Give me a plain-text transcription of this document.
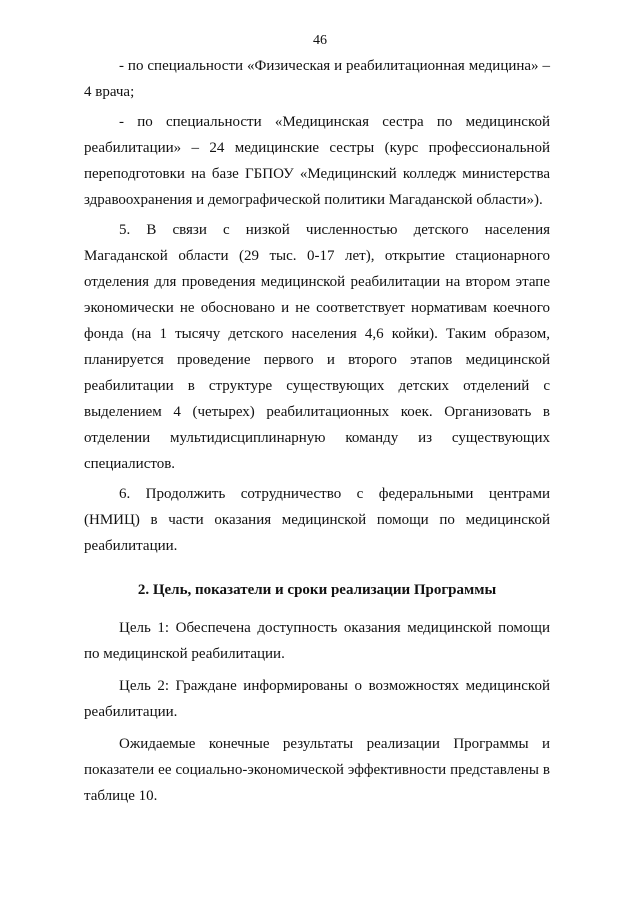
46

- по специальности «Физическая и реабилитационная медицина» – 4 врача;

- по специальности «Медицинская сестра по медицинской реабилитации» – 24 медицинские сестры (курс профессиональной переподготовки на базе ГБПОУ «Медицинский колледж министерства здравоохранения и демографической политики Магаданской области»).

5. В связи с низкой численностью детского населения Магаданской области (29 тыс. 0-17 лет), открытие стационарного отделения для проведения медицинской реабилитации на втором этапе экономически не обосновано и не соответствует нормативам коечного фонда (на 1 тысячу детского населения 4,6 койки). Таким образом, планируется проведение первого и второго этапов медицинской реабилитации в структуре существующих детских отделений с выделением 4 (четырех) реабилитационных коек. Организовать в отделении мультидисциплинарную команду из существующих специалистов.

6. Продолжить сотрудничество с федеральными центрами (НМИЦ) в части оказания медицинской помощи по медицинской реабилитации.

2. Цель, показатели и сроки реализации Программы

Цель 1: Обеспечена доступность оказания медицинской помощи по медицинской реабилитации.

Цель 2: Граждане информированы о возможностях медицинской реабилитации.

Ожидаемые конечные результаты реализации Программы и показатели ее социально-экономической эффективности представлены в таблице 10.
